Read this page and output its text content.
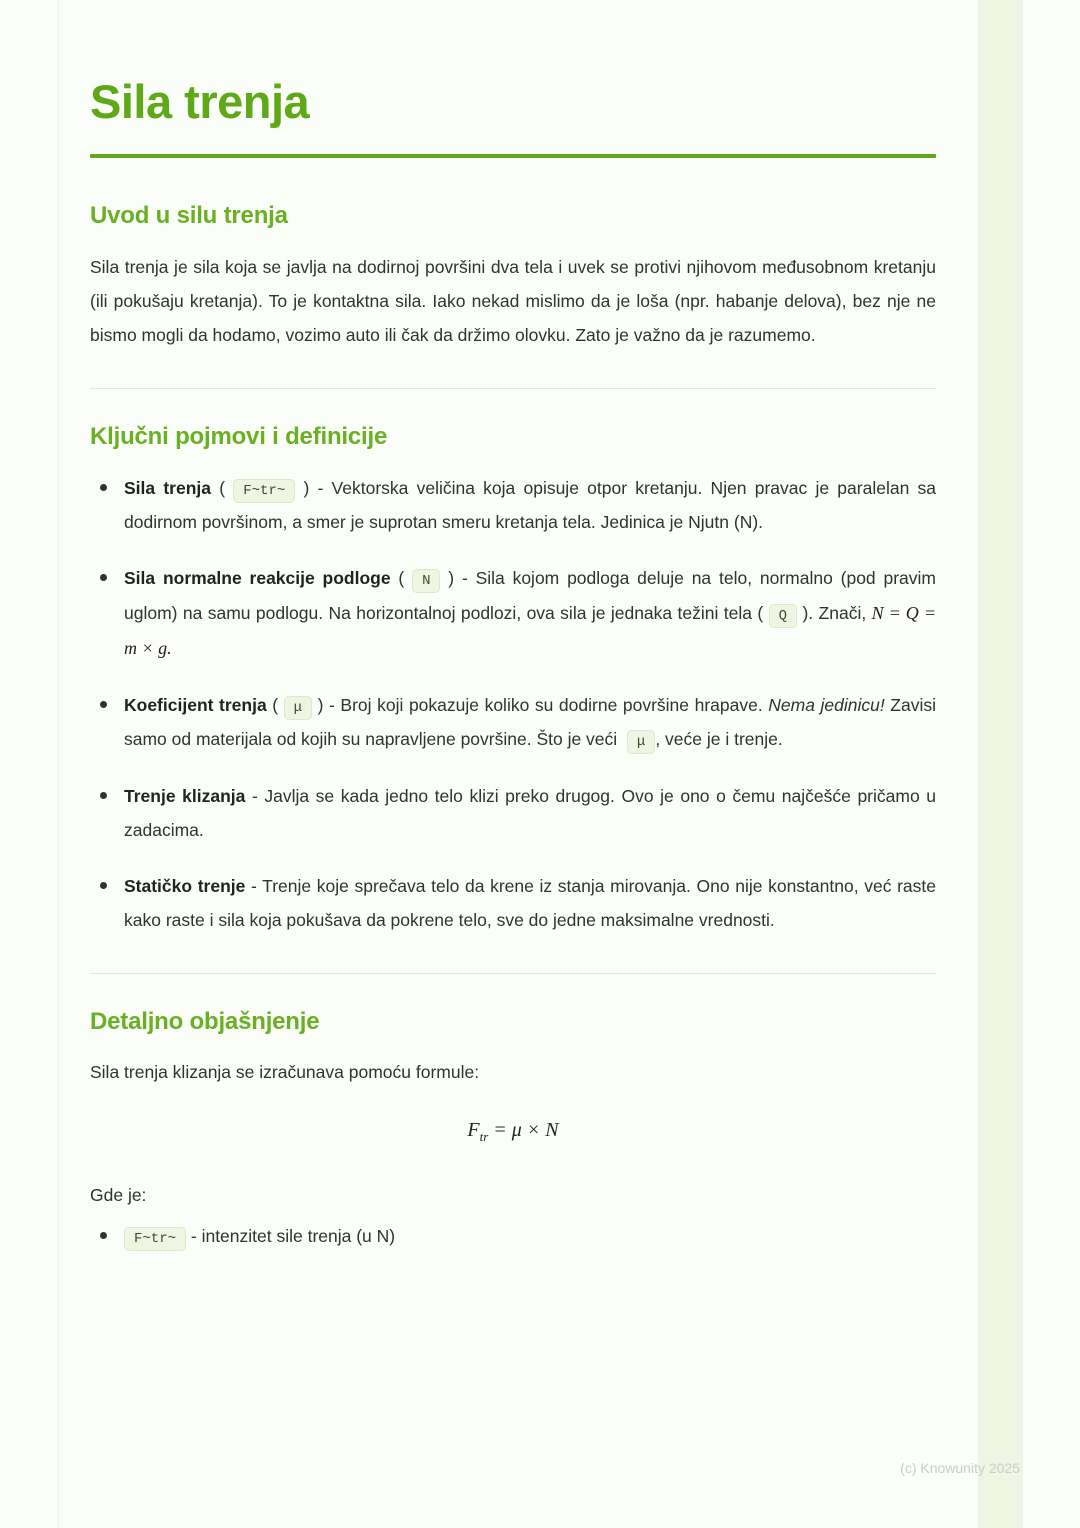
Sila trenja
Uvod u silu trenja

Sila trenja je sila koja se javlja na dodirnoj površini dva tela i uvek se protivi njihovom međusobnom kretanju (ili pokušaju kretanja). To je kontaktna sila. Iako nekad mislimo da je loša (npr. habanje delova), bez nje ne bismo mogli da hodamo, vozimo auto ili čak da držimo olovku. Zato je važno da je razumemo.

Ključni pojmovi i definicije
Sila trenja ( F~tr~ ) - Vektorska veličina koja opisuje otpor kretanju. Njen pravac je paralelan sa dodirnom površinom, a smer je suprotan smeru kretanja tela. Jedinica je Njutn (N).
Sila normalne reakcije podloge ( N ) - Sila kojom podloga deluje na telo, normalno (pod pravim uglom) na samu podlogu. Na horizontalnoj podlozi, ova sila je jednaka težini tela ( Q ). Znači, N = Q = m × g.
Koeficijent trenja ( μ ) - Broj koji pokazuje koliko su dodirne površine hrapave. Nema jedinicu! Zavisi samo od materijala od kojih su napravljene površine. Što je veći  μ , veće je i trenje.
Trenje klizanja - Javlja se kada jedno telo klizi preko drugog. Ovo je ono o čemu najčešće pričamo u zadacima.
Statičko trenje - Trenje koje sprečava telo da krene iz stanja mirovanja. Ono nije konstantno, već raste kako raste i sila koja pokušava da pokrene telo, sve do jedne maksimalne vrednosti.
Detaljno objašnjenje

Sila trenja klizanja se izračunava pomoću formule:

$F_{tr} = \mu \times N$

Gde je:

F~tr~ - intenzitet sile trenja (u N)
(c) Knowunity 2025
